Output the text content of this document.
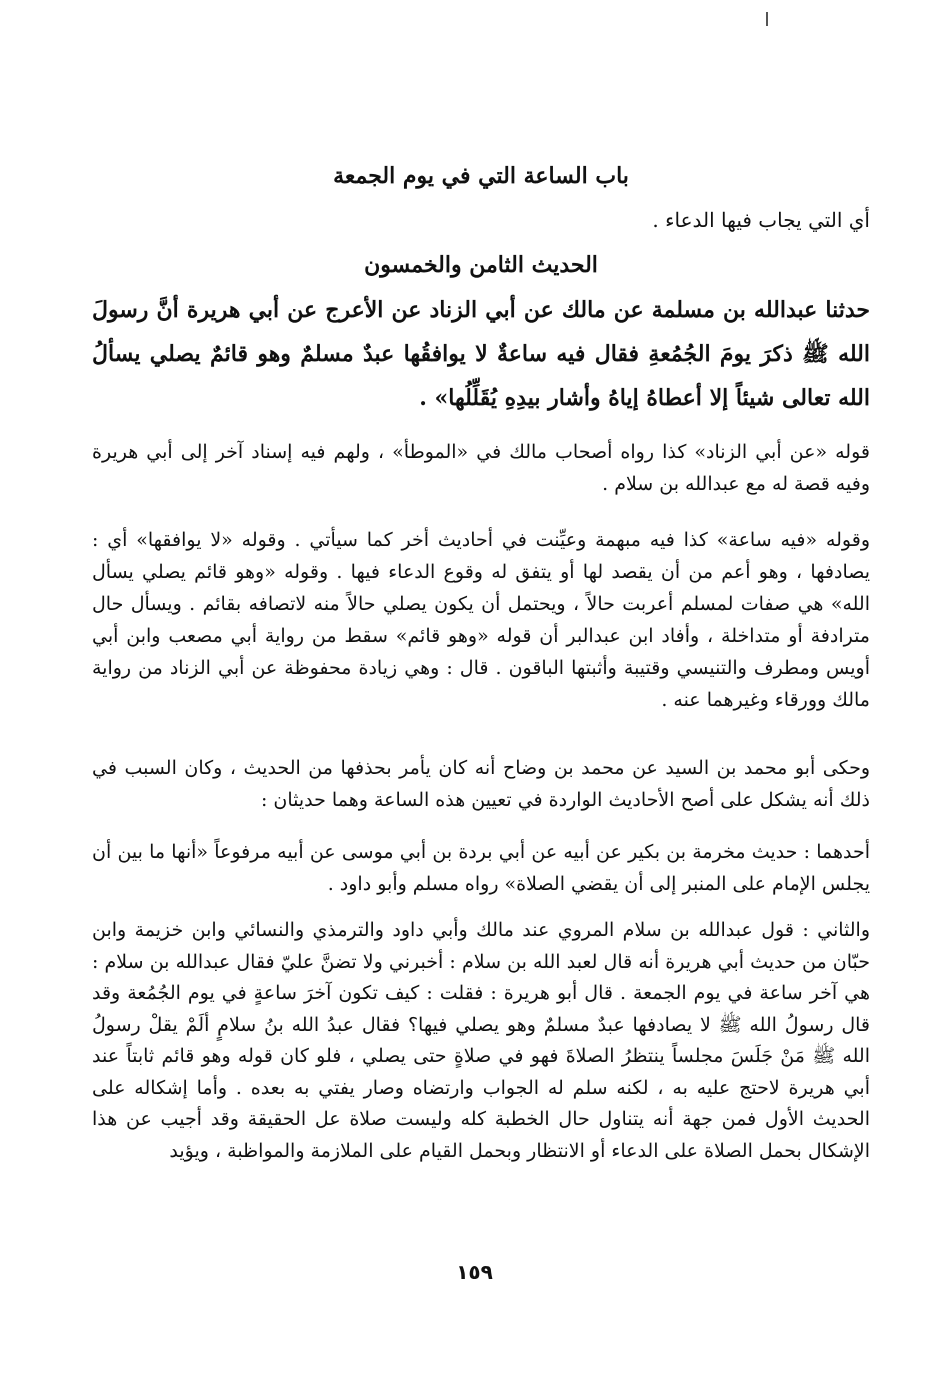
باب الساعة التي في يوم الجمعة
أي التي يجاب فيها الدعاء .
الحديث الثامن والخمسون
حدثنا عبدالله بن مسلمة عن مالك عن أبي الزناد عن الأعرج عن أبي هريرة أنَّ رسولَ الله ﷺ ذكرَ يومَ الجُمُعةِ فقال فيه ساعةٌ لا يوافقُها عبدٌ مسلمٌ وهو قائمٌ يصلي يسألُ الله تعالى شيئاً إلا أعطاهُ إياهُ وأشار بيدِهِ يُقَلِّلُها» .
قوله «عن أبي الزناد» كذا رواه أصحاب مالك في «الموطأ» ، ولهم فيه إسناد آخر إلى أبي هريرة وفيه قصة له مع عبدالله بن سلام .
وقوله «فيه ساعة» كذا فيه مبهمة وعيِّنت في أحاديث أخر كما سيأتي . وقوله «لا يوافقها» أي : يصادفها ، وهو أعم من أن يقصد لها أو يتفق له وقوع الدعاء فيها . وقوله «وهو قائم يصلي يسأل الله» هي صفات لمسلم أعربت حالاً ، ويحتمل أن يكون يصلي حالاً منه لاتصافه بقائم . ويسأل حال مترادفة أو متداخلة ، وأفاد ابن عبدالبر أن قوله «وهو قائم» سقط من رواية أبي مصعب وابن أبي أويس ومطرف والتنيسي وقتيبة وأثبتها الباقون . قال : وهي زيادة محفوظة عن أبي الزناد من رواية مالك وورقاء وغيرهما عنه .
وحكى أبو محمد بن السيد عن محمد بن وضاح أنه كان يأمر بحذفها من الحديث ، وكان السبب في ذلك أنه يشكل على أصح الأحاديث الواردة في تعيين هذه الساعة وهما حديثان :
أحدهما : حديث مخرمة بن بكير عن أبيه عن أبي بردة بن أبي موسى عن أبيه مرفوعاً «أنها ما بين أن يجلس الإمام على المنبر إلى أن يقضي الصلاة» رواه مسلم وأبو داود .
والثاني : قول عبدالله بن سلام المروي عند مالك وأبي داود والترمذي والنسائي وابن خزيمة وابن حبّان من حديث أبي هريرة أنه قال لعبد الله بن سلام : أخبرني ولا تضنَّ عليّ فقال عبدالله بن سلام : هي آخر ساعة في يوم الجمعة . قال أبو هريرة : فقلت : كيف تكون آخرَ ساعةٍ في يوم الجُمُعة وقد قال رسولُ الله ﷺ لا يصادفها عبدٌ مسلمٌ وهو يصلي فيها؟ فقال عبدُ الله بنُ سلامٍ ألَمْ يقلْ رسولُ الله ﷺ مَنْ جَلَسَ مجلساً ينتظرُ الصلاةَ فهو في صلاةٍ حتى يصلي ، فلو كان قوله وهو قائم ثابتاً عند أبي هريرة لاحتج عليه به ، لكنه سلم له الجواب وارتضاه وصار يفتي به بعده . وأما إشكاله على الحديث الأول فمن جهة أنه يتناول حال الخطبة كله وليست صلاة عل الحقيقة وقد أجيب عن هذا الإشكال بحمل الصلاة على الدعاء أو الانتظار وبحمل القيام على الملازمة والمواظبة ، ويؤيد
١٥٩
